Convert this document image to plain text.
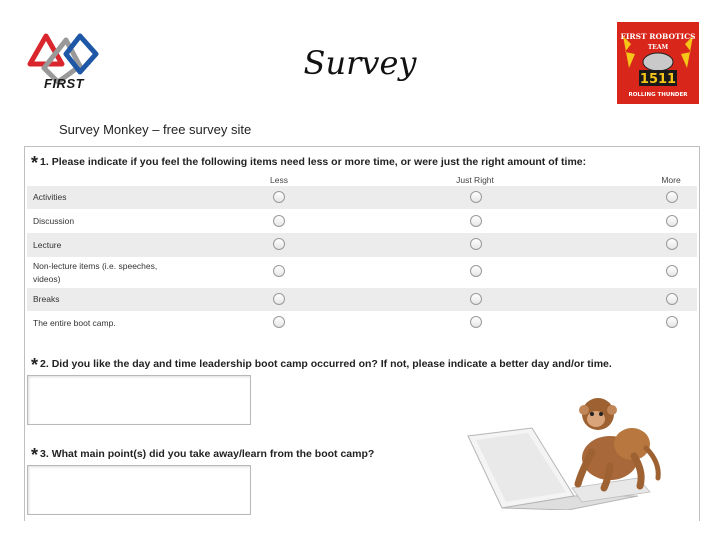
FIRST
Survey
FIRST ROBOTICS
TEAM
1511
ROLLING THUNDER
Survey Monkey – free survey site
* 1. Please indicate if you feel the following items need less or more time, or were just the right amount of time:
Less	Just Right	More
Activities
Discussion
Lecture
Non-lecture items (i.e. speeches,
videos)
Breaks
The entire boot camp.
* 2. Did you like the day and time leadership boot camp occurred on? If not, please indicate a better day and/or time.
* 3. What main point(s) did you take away/learn from the boot camp?
